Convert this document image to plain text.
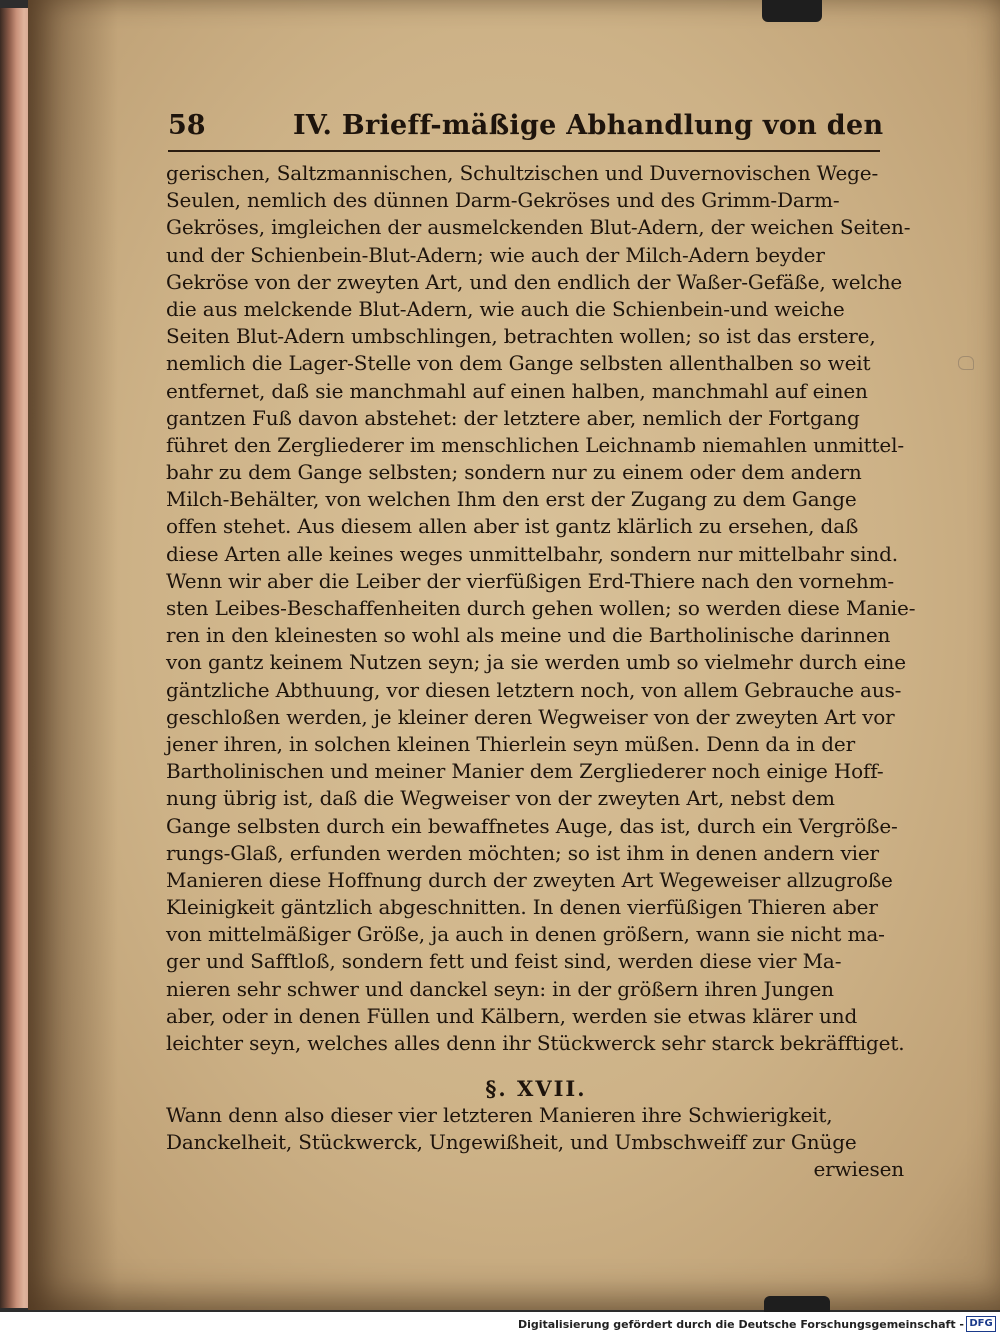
58	IV. Brieff-mäßige Abhandlung von den
gerischen, Saltzmannischen, Schultzischen und Duvernovischen Wege-
Seulen, nemlich des dünnen Darm-Gekröses und des Grimm-Darm-
Gekröses, imgleichen der ausmelckenden Blut-Adern, der weichen Seiten-
und der Schienbein-Blut-Adern; wie auch der Milch-Adern beyder
Gekröse von der zweyten Art, und den endlich der Waßer-Gefäße, welche
die aus melckende Blut-Adern, wie auch die Schienbein-und weiche
Seiten Blut-Adern umbschlingen, betrachten wollen; so ist das erstere,
nemlich die Lager-Stelle von dem Gange selbsten allenthalben so weit
entfernet, daß sie manchmahl auf einen halben, manchmahl auf einen
gantzen Fuß davon abstehet: der letztere aber, nemlich der Fortgang
führet den Zergliederer im menschlichen Leichnamb niemahlen unmittel-
bahr zu dem Gange selbsten; sondern nur zu einem oder dem andern
Milch-Behälter, von welchen Ihm den erst der Zugang zu dem Gange
offen stehet. Aus diesem allen aber ist gantz klärlich zu ersehen, daß
diese Arten alle keines weges unmittelbahr, sondern nur mittelbahr sind.
Wenn wir aber die Leiber der vierfüßigen Erd-Thiere nach den vornehm-
sten Leibes-Beschaffenheiten durch gehen wollen; so werden diese Manie-
ren in den kleinesten so wohl als meine und die Bartholinische darinnen
von gantz keinem Nutzen seyn; ja sie werden umb so vielmehr durch eine
gäntzliche Abthuung, vor diesen letztern noch, von allem Gebrauche aus-
geschloßen werden, je kleiner deren Wegweiser von der zweyten Art vor
jener ihren, in solchen kleinen Thierlein seyn müßen. Denn da in der
Bartholinischen und meiner Manier dem Zergliederer noch einige Hoff-
nung übrig ist, daß die Wegweiser von der zweyten Art, nebst dem
Gange selbsten durch ein bewaffnetes Auge, das ist, durch ein Vergröße-
rungs-Glaß, erfunden werden möchten; so ist ihm in denen andern vier
Manieren diese Hoffnung durch der zweyten Art Wegeweiser allzugroße
Kleinigkeit gäntzlich abgeschnitten. In denen vierfüßigen Thieren aber
von mittelmäßiger Größe, ja auch in denen größern, wann sie nicht ma-
ger und Safftloß, sondern fett und feist sind, werden diese vier Ma-
nieren sehr schwer und danckel seyn: in der größern ihren Jungen
aber, oder in denen Füllen und Kälbern, werden sie etwas klärer und
leichter seyn, welches alles denn ihr Stückwerck sehr starck bekräfftiget.
§. XVII.
Wann denn also dieser vier letzteren Manieren ihre Schwierigkeit,
Danckelheit, Stückwerck, Ungewißheit, und Umbschweiff zur Gnüge
erwiesen
Digitalisierung gefördert durch die Deutsche Forschungsgemeinschaft - DFG
